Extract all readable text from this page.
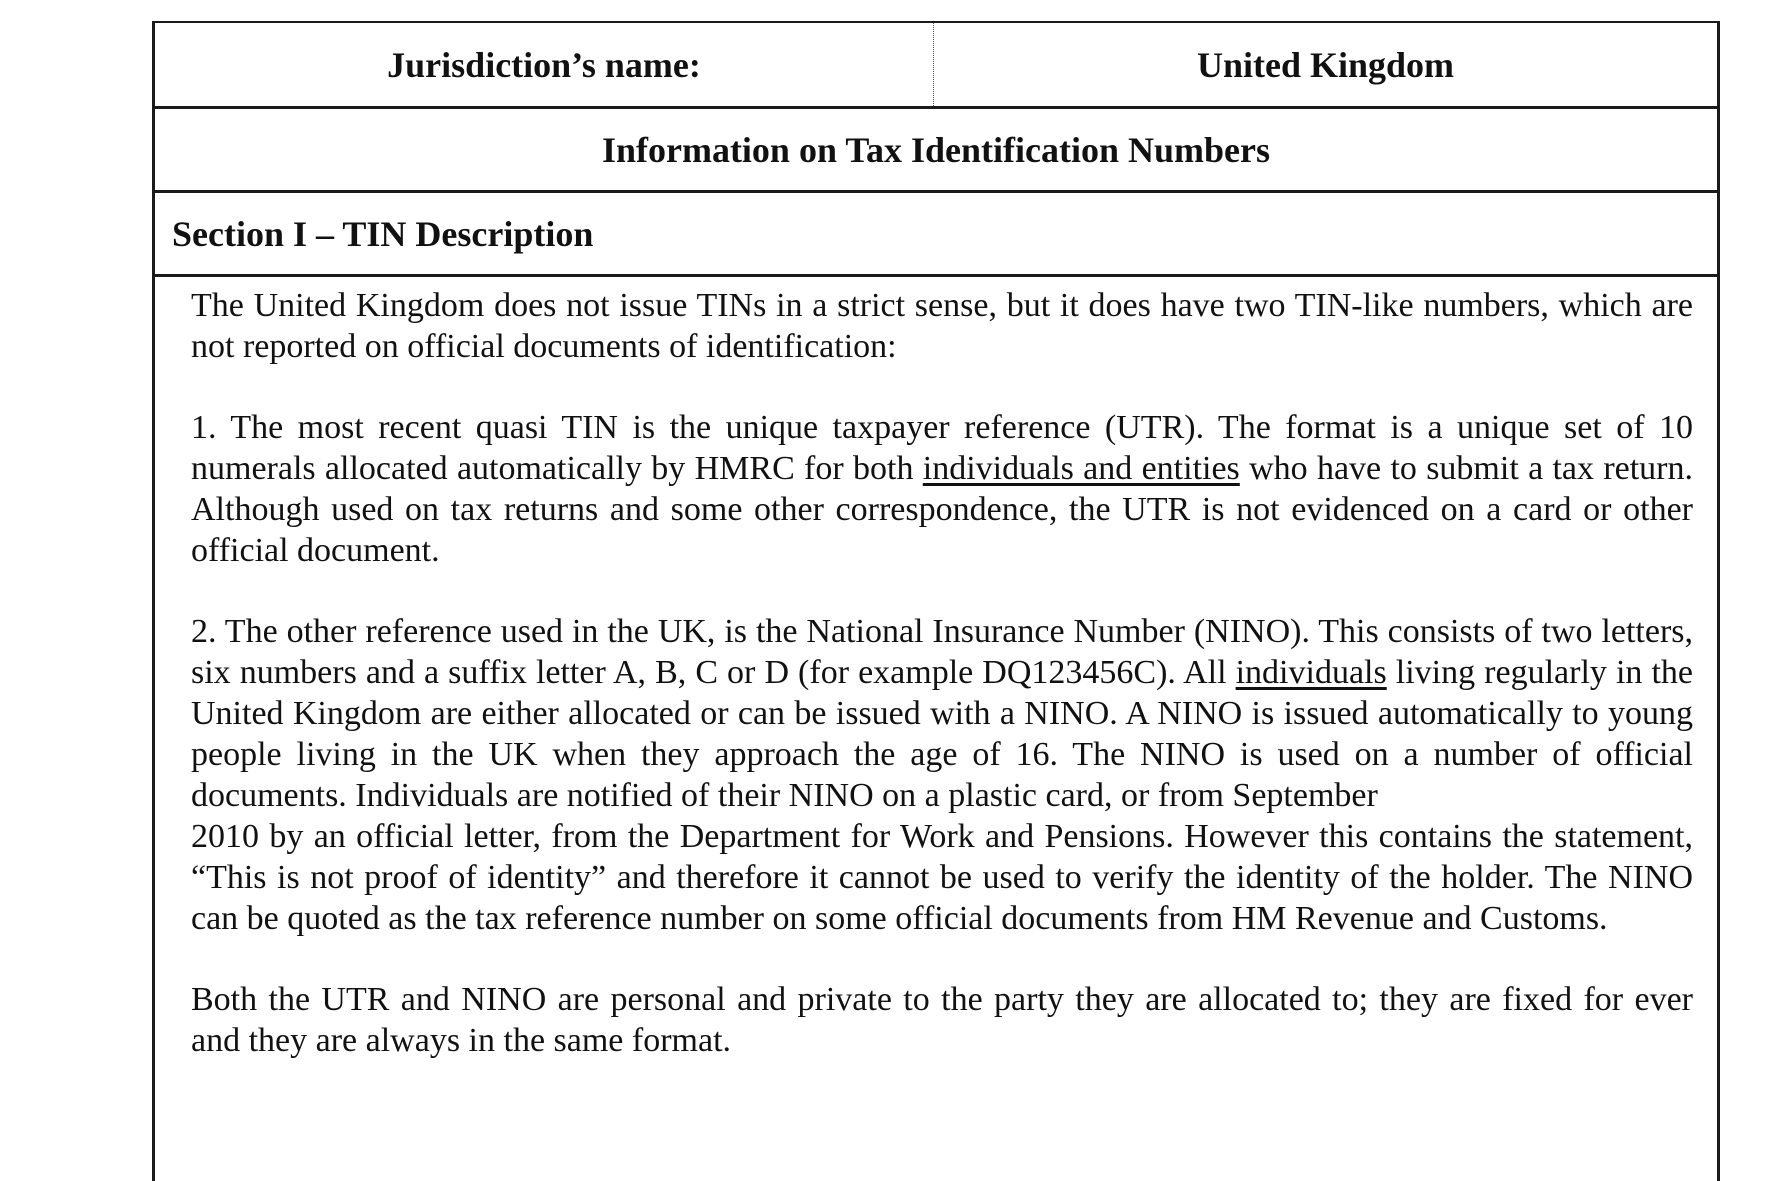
Jurisdiction’s name:	United Kingdom
Information on Tax Identification Numbers
Section I – TIN Description

The United Kingdom does not issue TINs in a strict sense, but it does have two TIN-like numbers, which are not reported on official documents of identification:

1. The most recent quasi TIN is the unique taxpayer reference (UTR). The format is a unique set of 10 numerals allocated automatically by HMRC for both individuals and entities who have to submit a tax return. Although used on tax returns and some other correspondence, the UTR is not evidenced on a card or other official document.

2. The other reference used in the UK, is the National Insurance Number (NINO). This consists of two letters, six numbers and a suffix letter A, B, C or D (for example DQ123456C). All individuals living regularly in the United Kingdom are either allocated or can be issued with a NINO. A NINO is issued automatically to young people living in the UK when they approach the age of 16. The NINO is used on a number of official documents. Individuals are notified of their NINO on a plastic card, or from September

2010 by an official letter, from the Department for Work and Pensions. However this contains the statement, “This is not proof of identity” and therefore it cannot be used to verify the identity of the holder. The NINO can be quoted as the tax reference number on some official documents from HM Revenue and Customs.

Both the UTR and NINO are personal and private to the party they are allocated to; they are fixed for ever and they are always in the same format.
